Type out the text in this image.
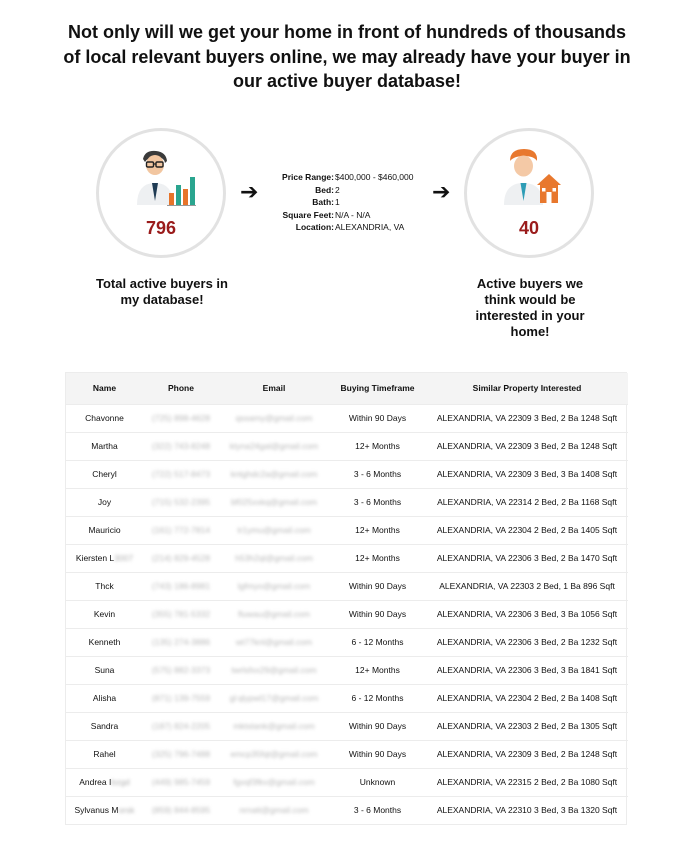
Not only will we get your home in front of hundreds of thousands of local relevant buyers online, we may already have your buyer in our active buyer database!
796
Total active buyers in my database!
➔	➔
Price Range: $400,000 - $460,000
Bed: 2
Bath: 1
Square Feet: N/A - N/A
Location: ALEXANDRIA, VA	40
Active buyers we think would be interested in your home!
Name	Phone	Email	Buying Timeframe	Similar Property Interested
Chavonne	(725) 898-4628	qssamy@gmail.com	Within 90 Days	ALEXANDRIA, VA 22309 3 Bed, 2 Ba 1248 Sqft
Martha	(322) 743-8248	ktyna24gal@gmail.com	12+ Months	ALEXANDRIA, VA 22309 3 Bed, 2 Ba 1248 Sqft
Cheryl	(722) 517-8473	kntghdc2a@gmail.com	3 - 6 Months	ALEXANDRIA, VA 22309 3 Bed, 3 Ba 1408 Sqft
Joy	(715) 532-2395	bf025xxkq@gmail.com	3 - 6 Months	ALEXANDRIA, VA 22314 2 Bed, 2 Ba 1168 Sqft
Mauricio	(161) 772-7814	tr1ymu@gmail.com	12+ Months	ALEXANDRIA, VA 22304 2 Bed, 2 Ba 1405 Sqft
Kiersten L3007	(214) 829-4528	h53h2ql@gmail.com	12+ Months	ALEXANDRIA, VA 22306 3 Bed, 2 Ba 1470 Sqft
Thck	(743) 186-8981	lgfmyo@gmail.com	Within 90 Days	ALEXANDRIA, VA 22303 2 Bed, 1 Ba 896 Sqft
Kevin	(355) 781-5332	fluwau@gmail.com	Within 90 Days	ALEXANDRIA, VA 22306 3 Bed, 3 Ba 1056 Sqft
Kenneth	(135) 274-3886	wt77knl@gmail.com	6 - 12 Months	ALEXANDRIA, VA 22306 3 Bed, 2 Ba 1232 Sqft
Suna	(575) 882-3373	twrlsfxx29@gmail.com	12+ Months	ALEXANDRIA, VA 22306 3 Bed, 3 Ba 1841 Sqft
Alisha	(871) 139-7559	gl qlypwl17@gmail.com	6 - 12 Months	ALEXANDRIA, VA 22304 2 Bed, 2 Ba 1408 Sqft
Sandra	(187) 824-2205	mktstank@gmail.com	Within 90 Days	ALEXANDRIA, VA 22303 2 Bed, 2 Ba 1305 Sqft
Rahel	(325) 796-7488	emcp35fqt@gmail.com	Within 90 Days	ALEXANDRIA, VA 22309 3 Bed, 2 Ba 1248 Sqft
Andrea Ibzgd	(449) 985-7459	fgvqf3fkv@gmail.com	Unknown	ALEXANDRIA, VA 22315 2 Bed, 2 Ba 1080 Sqft
Sylvanus Morsk	(859) 844-8595	nrnatt@gmail.com	3 - 6 Months	ALEXANDRIA, VA 22310 3 Bed, 3 Ba 1320 Sqft
